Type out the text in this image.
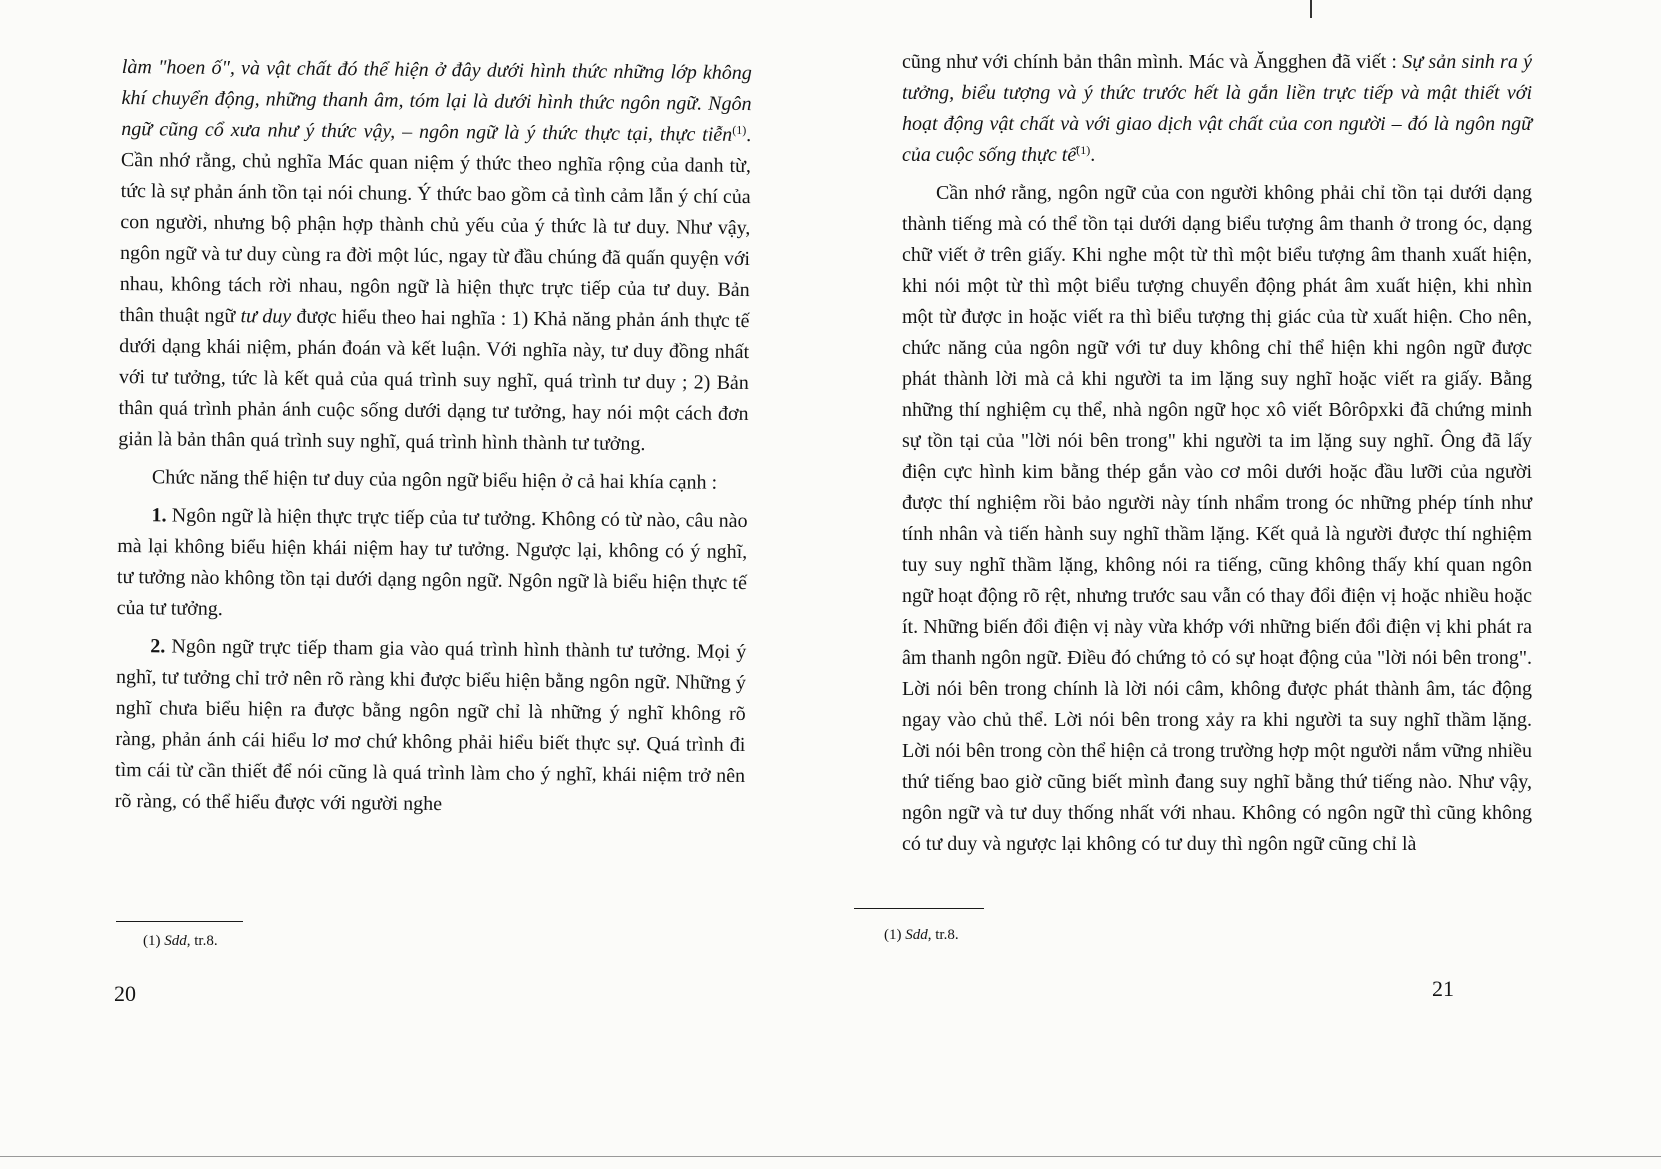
làm "hoen ố", và vật chất đó thể hiện ở đây dưới hình thức những lớp không khí chuyển động, những thanh âm, tóm lại là dưới hình thức ngôn ngữ. Ngôn ngữ cũng cổ xưa như ý thức vậy, – ngôn ngữ là ý thức thực tại, thực tiễn$^{(1)}$. Cần nhớ rằng, chủ nghĩa Mác quan niệm ý thức theo nghĩa rộng của danh từ, tức là sự phản ánh tồn tại nói chung. Ý thức bao gồm cả tình cảm lẫn ý chí của con người, nhưng bộ phận hợp thành chủ yếu của ý thức là tư duy. Như vậy, ngôn ngữ và tư duy cùng ra đời một lúc, ngay từ đầu chúng đã quấn quyện với nhau, không tách rời nhau, ngôn ngữ là hiện thực trực tiếp của tư duy. Bản thân thuật ngữ tư duy được hiểu theo hai nghĩa : 1) Khả năng phản ánh thực tế dưới dạng khái niệm, phán đoán và kết luận. Với nghĩa này, tư duy đồng nhất với tư tưởng, tức là kết quả của quá trình suy nghĩ, quá trình tư duy ; 2) Bản thân quá trình phản ánh cuộc sống dưới dạng tư tưởng, hay nói một cách đơn giản là bản thân quá trình suy nghĩ, quá trình hình thành tư tưởng.

Chức năng thể hiện tư duy của ngôn ngữ biểu hiện ở cả hai khía cạnh :

1. Ngôn ngữ là hiện thực trực tiếp của tư tưởng. Không có từ nào, câu nào mà lại không biểu hiện khái niệm hay tư tưởng. Ngược lại, không có ý nghĩ, tư tưởng nào không tồn tại dưới dạng ngôn ngữ. Ngôn ngữ là biểu hiện thực tế của tư tưởng.

2. Ngôn ngữ trực tiếp tham gia vào quá trình hình thành tư tưởng. Mọi ý nghĩ, tư tưởng chỉ trở nên rõ ràng khi được biểu hiện bằng ngôn ngữ. Những ý nghĩ chưa biểu hiện ra được bằng ngôn ngữ chỉ là những ý nghĩ không rõ ràng, phản ánh cái hiểu lơ mơ chứ không phải hiểu biết thực sự. Quá trình đi tìm cái từ cần thiết để nói cũng là quá trình làm cho ý nghĩ, khái niệm trở nên rõ ràng, có thể hiểu được với người nghe

(1) Sdd, tr.8.
20

cũng như với chính bản thân mình. Mác và Ăngghen đã viết : Sự sản sinh ra ý tưởng, biểu tượng và ý thức trước hết là gắn liền trực tiếp và mật thiết với hoạt động vật chất và với giao dịch vật chất của con người – đó là ngôn ngữ của cuộc sống thực tế$^{(1)}$.

Cần nhớ rằng, ngôn ngữ của con người không phải chỉ tồn tại dưới dạng thành tiếng mà có thể tồn tại dưới dạng biểu tượng âm thanh ở trong óc, dạng chữ viết ở trên giấy. Khi nghe một từ thì một biểu tượng âm thanh xuất hiện, khi nói một từ thì một biểu tượng chuyển động phát âm xuất hiện, khi nhìn một từ được in hoặc viết ra thì biểu tượng thị giác của từ xuất hiện. Cho nên, chức năng của ngôn ngữ với tư duy không chỉ thể hiện khi ngôn ngữ được phát thành lời mà cả khi người ta im lặng suy nghĩ hoặc viết ra giấy. Bằng những thí nghiệm cụ thể, nhà ngôn ngữ học xô viết Bôrôpxki đã chứng minh sự tồn tại của "lời nói bên trong" khi người ta im lặng suy nghĩ. Ông đã lấy điện cực hình kim bằng thép gắn vào cơ môi dưới hoặc đầu lưỡi của người được thí nghiệm rồi bảo người này tính nhẩm trong óc những phép tính như tính nhân và tiến hành suy nghĩ thầm lặng. Kết quả là người được thí nghiệm tuy suy nghĩ thầm lặng, không nói ra tiếng, cũng không thấy khí quan ngôn ngữ hoạt động rõ rệt, nhưng trước sau vẫn có thay đổi điện vị hoặc nhiều hoặc ít. Những biến đổi điện vị này vừa khớp với những biến đổi điện vị khi phát ra âm thanh ngôn ngữ. Điều đó chứng tỏ có sự hoạt động của "lời nói bên trong". Lời nói bên trong chính là lời nói câm, không được phát thành âm, tác động ngay vào chủ thể. Lời nói bên trong xảy ra khi người ta suy nghĩ thầm lặng. Lời nói bên trong còn thể hiện cả trong trường hợp một người nắm vững nhiều thứ tiếng bao giờ cũng biết mình đang suy nghĩ bằng thứ tiếng nào. Như vậy, ngôn ngữ và tư duy thống nhất với nhau. Không có ngôn ngữ thì cũng không có tư duy và ngược lại không có tư duy thì ngôn ngữ cũng chỉ là

(1) Sdd, tr.8.
21
